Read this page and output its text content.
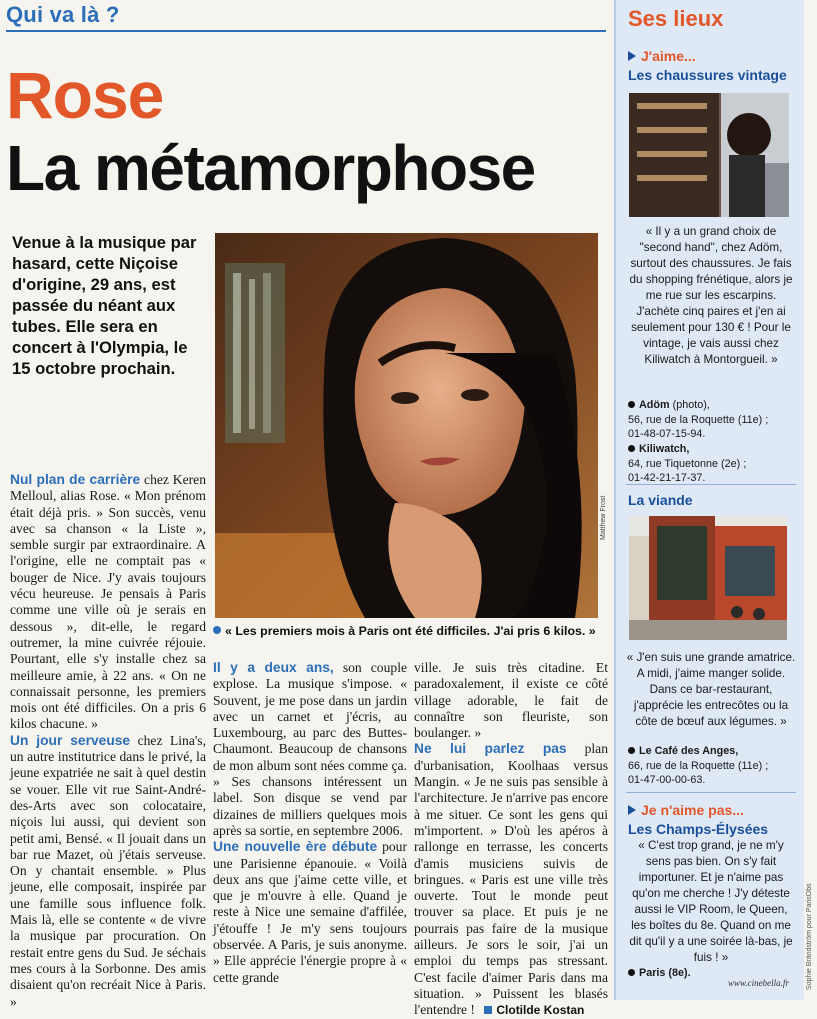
Qui va là ?
Rose
La métamorphose
Venue à la musique par hasard, cette Niçoise d'origine, 29 ans, est passée du néant aux tubes. Elle sera en concert à l'Olympia, le 15 octobre prochain.
Matthew Frost
« Les premiers mois à Paris ont été difficiles. J'ai pris 6 kilos. »
Nul plan de carrière chez Keren Melloul, alias Rose. « Mon prénom était déjà pris. » Son succès, venu avec sa chanson « la Liste », semble surgir par extraordinaire. A l'origine, elle ne comptait pas « bouger de Nice. J'y avais toujours vécu heureuse. Je pensais à Paris comme une ville où je serais en dessous », dit-elle, le regard outremer, la mine cuivrée réjouie. Pourtant, elle s'y installe chez sa meilleure amie, à 22 ans. « On ne connaissait personne, les premiers mois ont été difficiles. On a pris 6 kilos chacune. »
Un jour serveuse chez Lina's, un autre institutrice dans le privé, la jeune expatriée ne sait à quel destin se vouer. Elle vit rue Saint-André-des-Arts avec son colocataire, niçois lui aussi, qui devient son petit ami, Bensé. « Il jouait dans un bar rue Mazet, où j'étais serveuse. On y chantait ensemble. » Plus jeune, elle composait, inspirée par une famille sous influence folk. Mais là, elle se contente « de vivre la musique par procuration. On restait entre gens du Sud. Je séchais mes cours à la Sorbonne. Des amis disaient qu'on recréait Nice à Paris. »
Il y a deux ans, son couple explose. La musique s'impose. « Souvent, je me pose dans un jardin avec un carnet et j'écris, au Luxembourg, au parc des Buttes-Chaumont. Beaucoup de chansons de mon album sont nées comme ça. » Ses chansons intéressent un label. Son disque se vend par dizaines de milliers quelques mois après sa sortie, en septembre 2006.
Une nouvelle ère débute pour une Parisienne épanouie. « Voilà deux ans que j'aime cette ville, et que je m'ouvre à elle. Quand je reste à Nice une semaine d'affilée, j'étouffe ! Je m'y sens toujours observée. A Paris, je suis anonyme. » Elle apprécie l'énergie propre à « cette grande
ville. Je suis très citadine. Et paradoxalement, il existe ce côté village adorable, le fait de connaître son fleuriste, son boulanger. »
Ne lui parlez pas plan d'urbanisation, Koolhaas versus Mangin. « Je ne suis pas sensible à l'architecture. Je n'arrive pas encore à me situer. Ce sont les gens qui m'importent. » D'où les apéros à rallonge en terrasse, les concerts d'amis musiciens suivis de bringues. « Paris est une ville très ouverte. Tout le monde peut trouver sa place. Et puis je ne pourrais pas faire de la musique ailleurs. Je sors le soir, j'ai un emploi du temps pas stressant. C'est facile d'aimer Paris dans ma situation. » Puissent les blasés l'entendre ! Clotilde Kostan
Ses lieux
J'aime...
Les chaussures vintage
« Il y a un grand choix de "second hand", chez Adöm, surtout des chaussures. Je fais du shopping frénétique, alors je me rue sur les escarpins. J'achète cinq paires et j'en ai seulement pour 130 € ! Pour le vintage, je vais aussi chez Kiliwatch à Montorgueil. »
Adöm (photo),
56, rue de la Roquette (11e) ;
01-48-07-15-94.
Kiliwatch,
64, rue Tiquetonne (2e) ;
01-42-21-17-37.
La viande
« J'en suis une grande amatrice. A midi, j'aime manger solide. Dans ce bar-restaurant, j'apprécie les entrecôtes ou la côte de bœuf aux légumes. »
Le Café des Anges,
66, rue de la Roquette (11e) ;
01-47-00-00-63.
Je n'aime pas...
Les Champs-Élysées
« C'est trop grand, je ne m'y sens pas bien. On s'y fait importuner. Et je n'aime pas qu'on me cherche ! J'y déteste aussi le VIP Room, le Queen, les boîtes du 8e. Quand on me dit qu'il y a une soirée là-bas, je fuis ! »
Paris (8e).
www.cinebella.fr Sophie Brändström pour ParisObs
